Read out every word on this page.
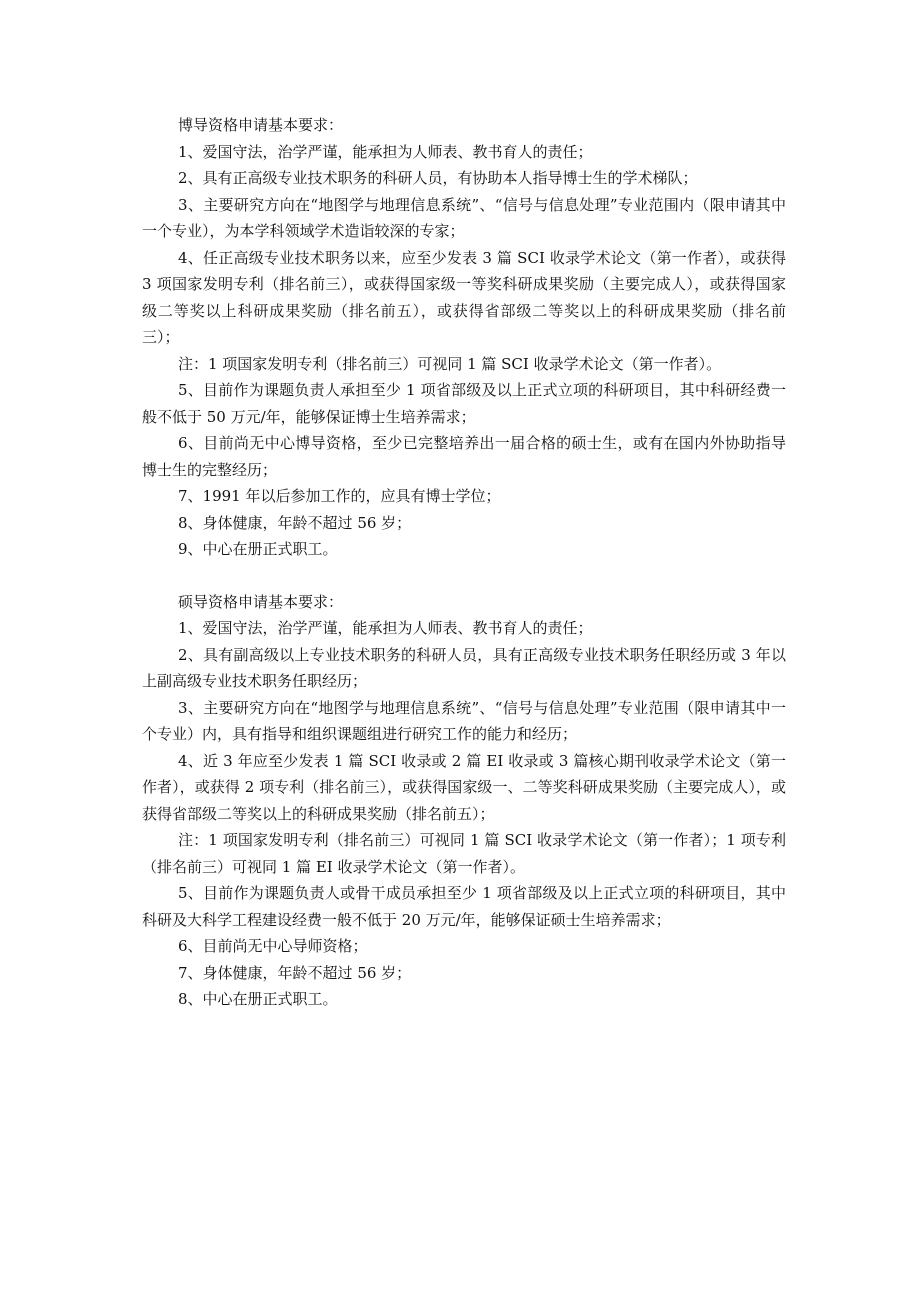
博导资格申请基本要求：

1、爱国守法，治学严谨，能承担为人师表、教书育人的责任；

2、具有正高级专业技术职务的科研人员，有协助本人指导博士生的学术梯队；

3、主要研究方向在“地图学与地理信息系统”、“信号与信息处理”专业范围内（限申请其中一个专业），为本学科领域学术造诣较深的专家；

4、任正高级专业技术职务以来，应至少发表 3 篇 SCI 收录学术论文（第一作者），或获得 3 项国家发明专利（排名前三），或获得国家级一等奖科研成果奖励（主要完成人），或获得国家级二等奖以上科研成果奖励（排名前五），或获得省部级二等奖以上的科研成果奖励（排名前三）；

注：1 项国家发明专利（排名前三）可视同 1 篇 SCI 收录学术论文（第一作者）。

5、目前作为课题负责人承担至少 1 项省部级及以上正式立项的科研项目，其中科研经费一般不低于 50 万元/年，能够保证博士生培养需求；

6、目前尚无中心博导资格，至少已完整培养出一届合格的硕士生，或有在国内外协助指导博士生的完整经历；

7、1991 年以后参加工作的，应具有博士学位；

8、身体健康，年龄不超过 56 岁；

9、中心在册正式职工。

硕导资格申请基本要求：

1、爱国守法，治学严谨，能承担为人师表、教书育人的责任；

2、具有副高级以上专业技术职务的科研人员，具有正高级专业技术职务任职经历或 3 年以上副高级专业技术职务任职经历；

3、主要研究方向在“地图学与地理信息系统”、“信号与信息处理”专业范围（限申请其中一个专业）内，具有指导和组织课题组进行研究工作的能力和经历；

4、近 3 年应至少发表 1 篇 SCI 收录或 2 篇 EI 收录或 3 篇核心期刊收录学术论文（第一作者），或获得 2 项专利（排名前三），或获得国家级一、二等奖科研成果奖励（主要完成人），或获得省部级二等奖以上的科研成果奖励（排名前五）；

注：1 项国家发明专利（排名前三）可视同 1 篇 SCI 收录学术论文（第一作者）；1 项专利（排名前三）可视同 1 篇 EI 收录学术论文（第一作者）。

5、目前作为课题负责人或骨干成员承担至少 1 项省部级及以上正式立项的科研项目，其中科研及大科学工程建设经费一般不低于 20 万元/年，能够保证硕士生培养需求；

6、目前尚无中心导师资格；

7、身体健康，年龄不超过 56 岁；

8、中心在册正式职工。
